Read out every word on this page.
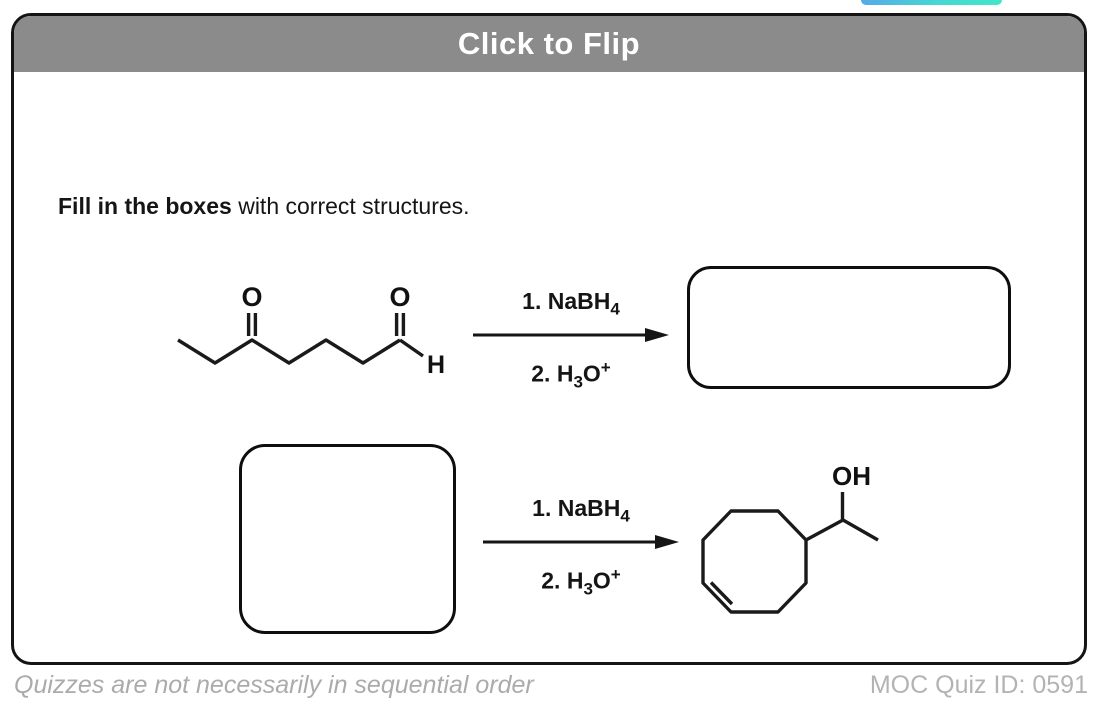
Click to Flip
Fill in the boxes with correct structures.
O	O
H
1. NaBH$_4$
2. $H_3O^+$
1. NaBH$_4$
2. $H_3O^+$
OH
Quizzes are not necessarily in sequential order	MOC Quiz ID: 0591
